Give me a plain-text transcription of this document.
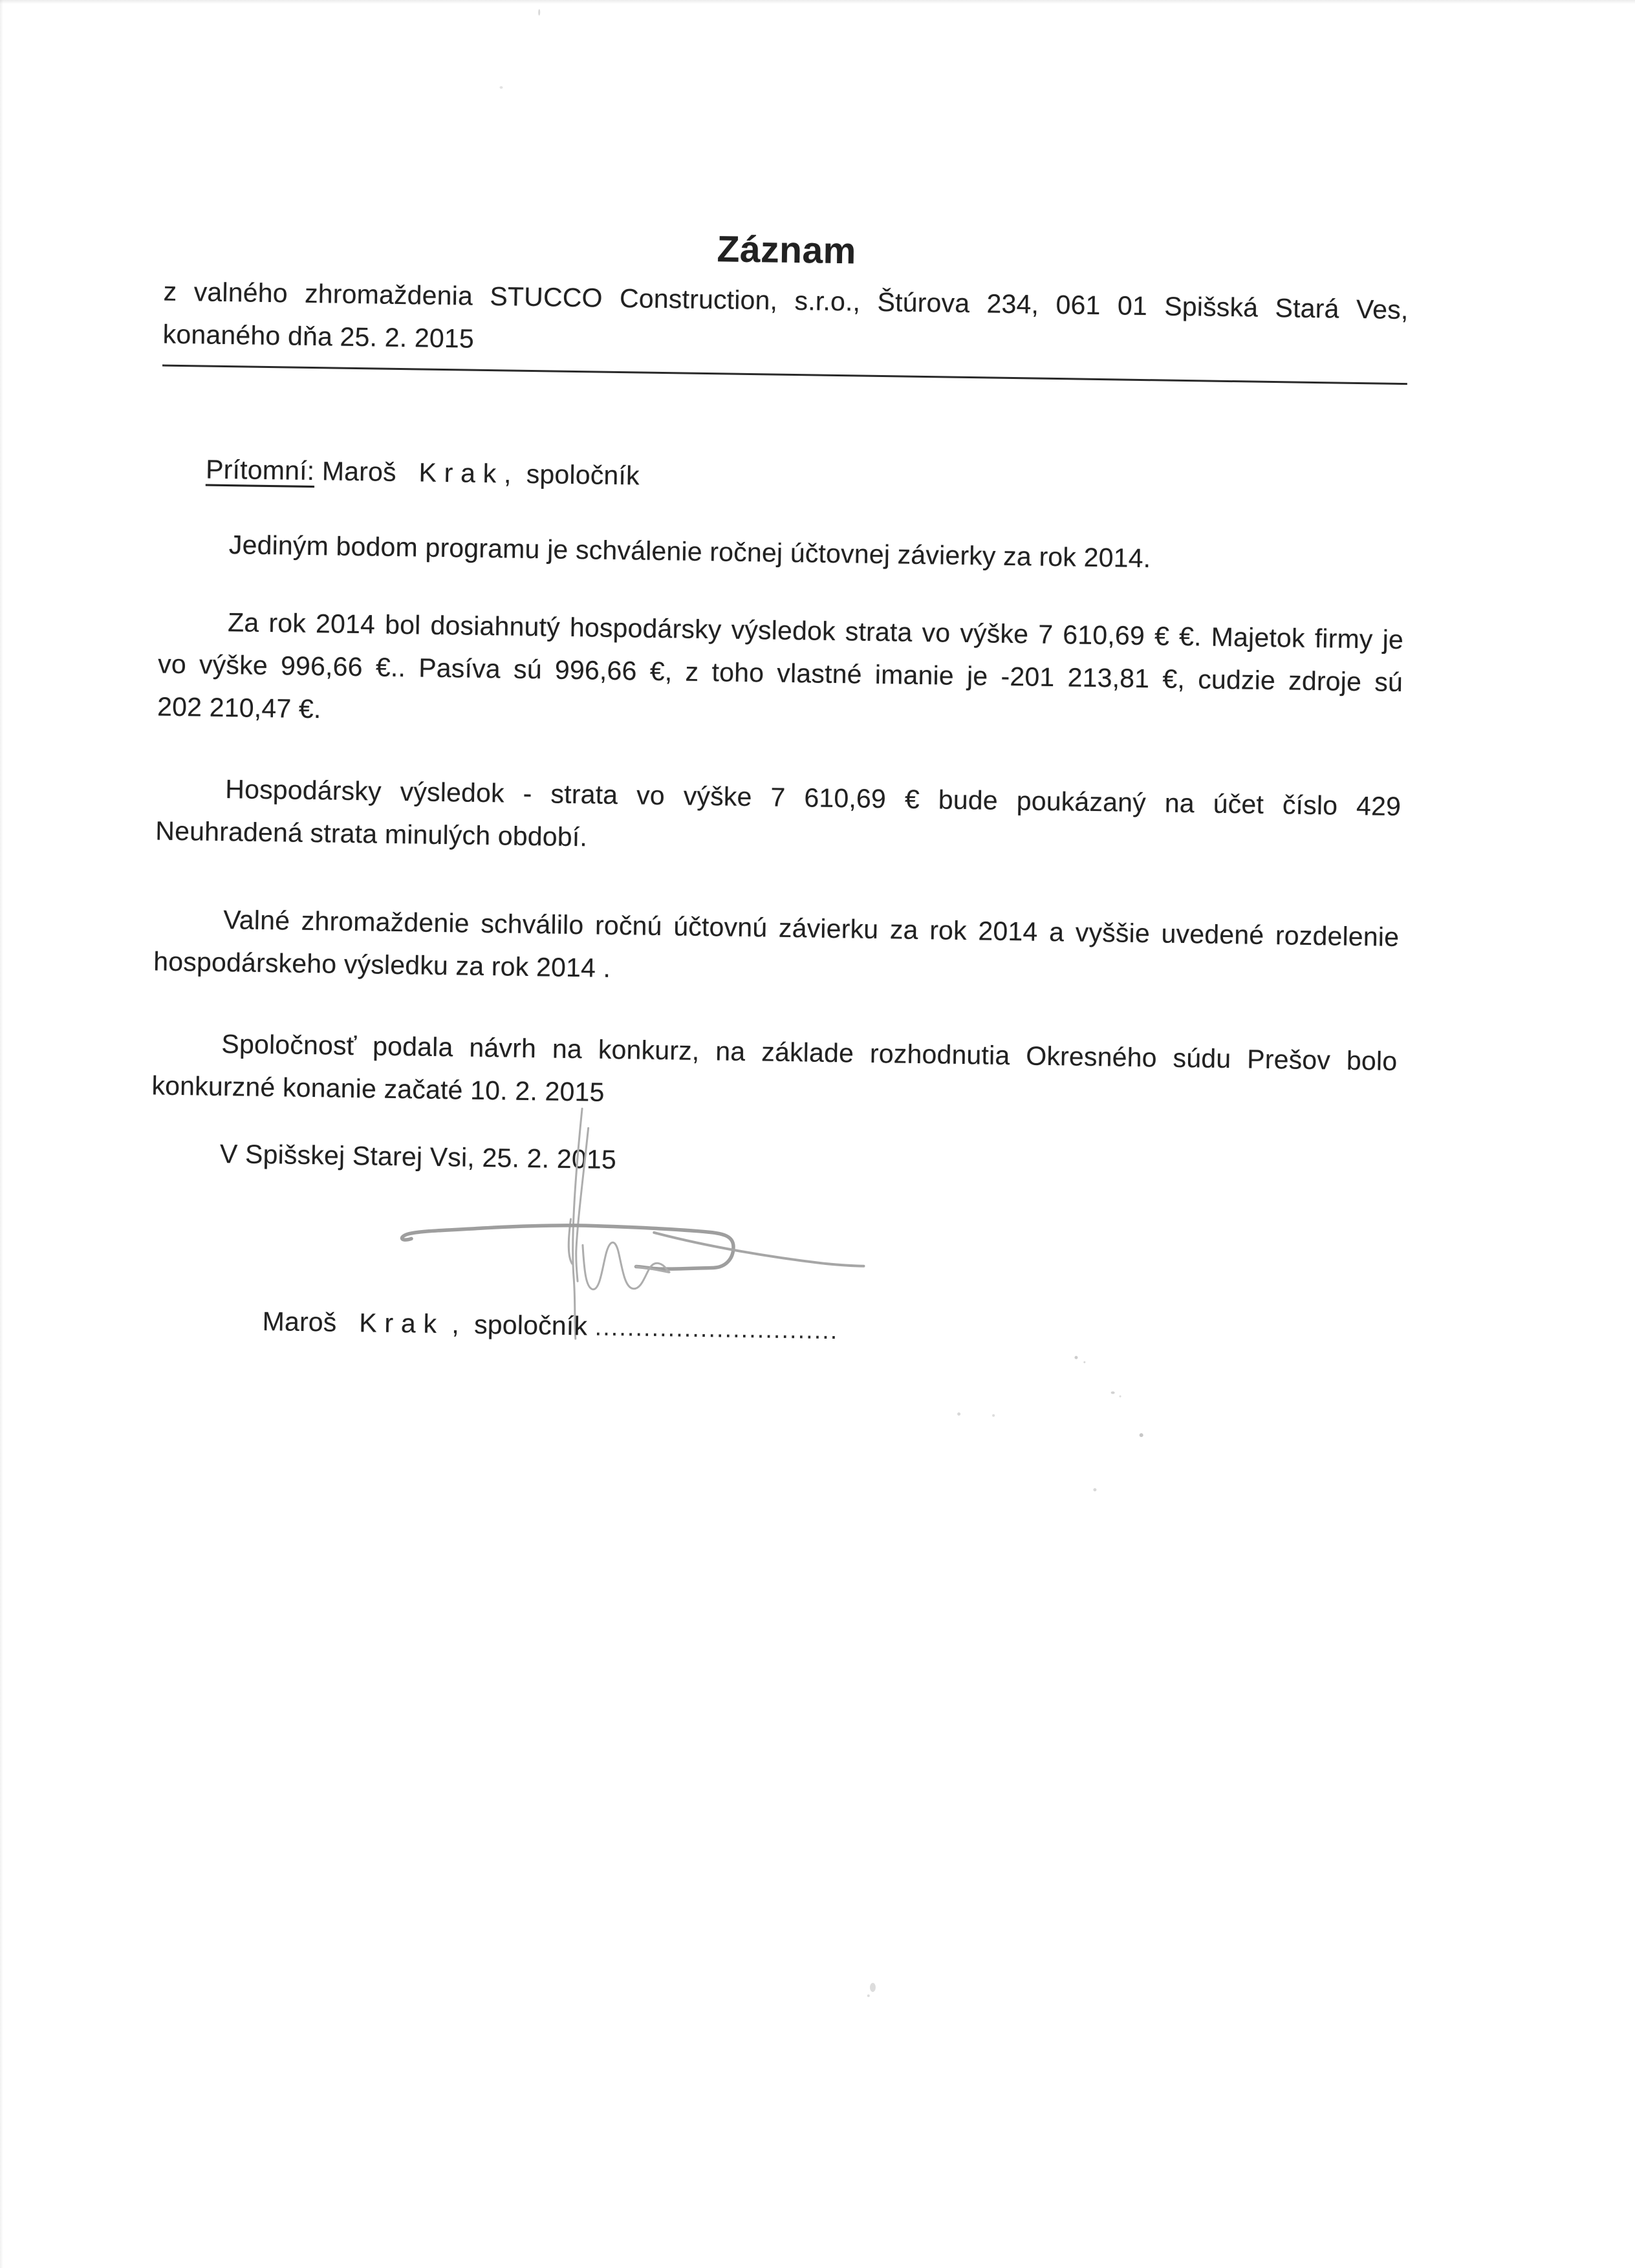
Záznam
z valného zhromaždenia STUCCO Construction, s.r.o., Štúrova 234, 061 01 Spišská Stará Ves,
konaného dňa 25. 2. 2015

Prítomní: Maroš   K r a k ,  spoločník

Jediným bodom programu je schválenie ročnej účtovnej závierky za rok 2014.
Za rok 2014 bol dosiahnutý hospodársky výsledok strata vo výške 7 610,69 € €. Majetok firmy je
vo výške 996,66 €.. Pasíva sú 996,66 €, z toho vlastné imanie je -201 213,81 €, cudzie zdroje sú
202 210,47 €.
Hospodársky výsledok - strata vo výške 7 610,69 € bude poukázaný na účet číslo 429
Neuhradená strata minulých období.
Valné zhromaždenie schválilo ročnú účtovnú závierku za rok 2014 a vyššie uvedené rozdelenie
hospodárskeho výsledku za rok 2014 .
Spoločnosť podala návrh na konkurz, na základe rozhodnutia Okresného súdu Prešov bolo
konkurzné konanie začaté 10. 2. 2015
V Spišskej Starej Vsi, 25. 2. 2015

Maroš   K r a k  ,  spoločník ..............................
